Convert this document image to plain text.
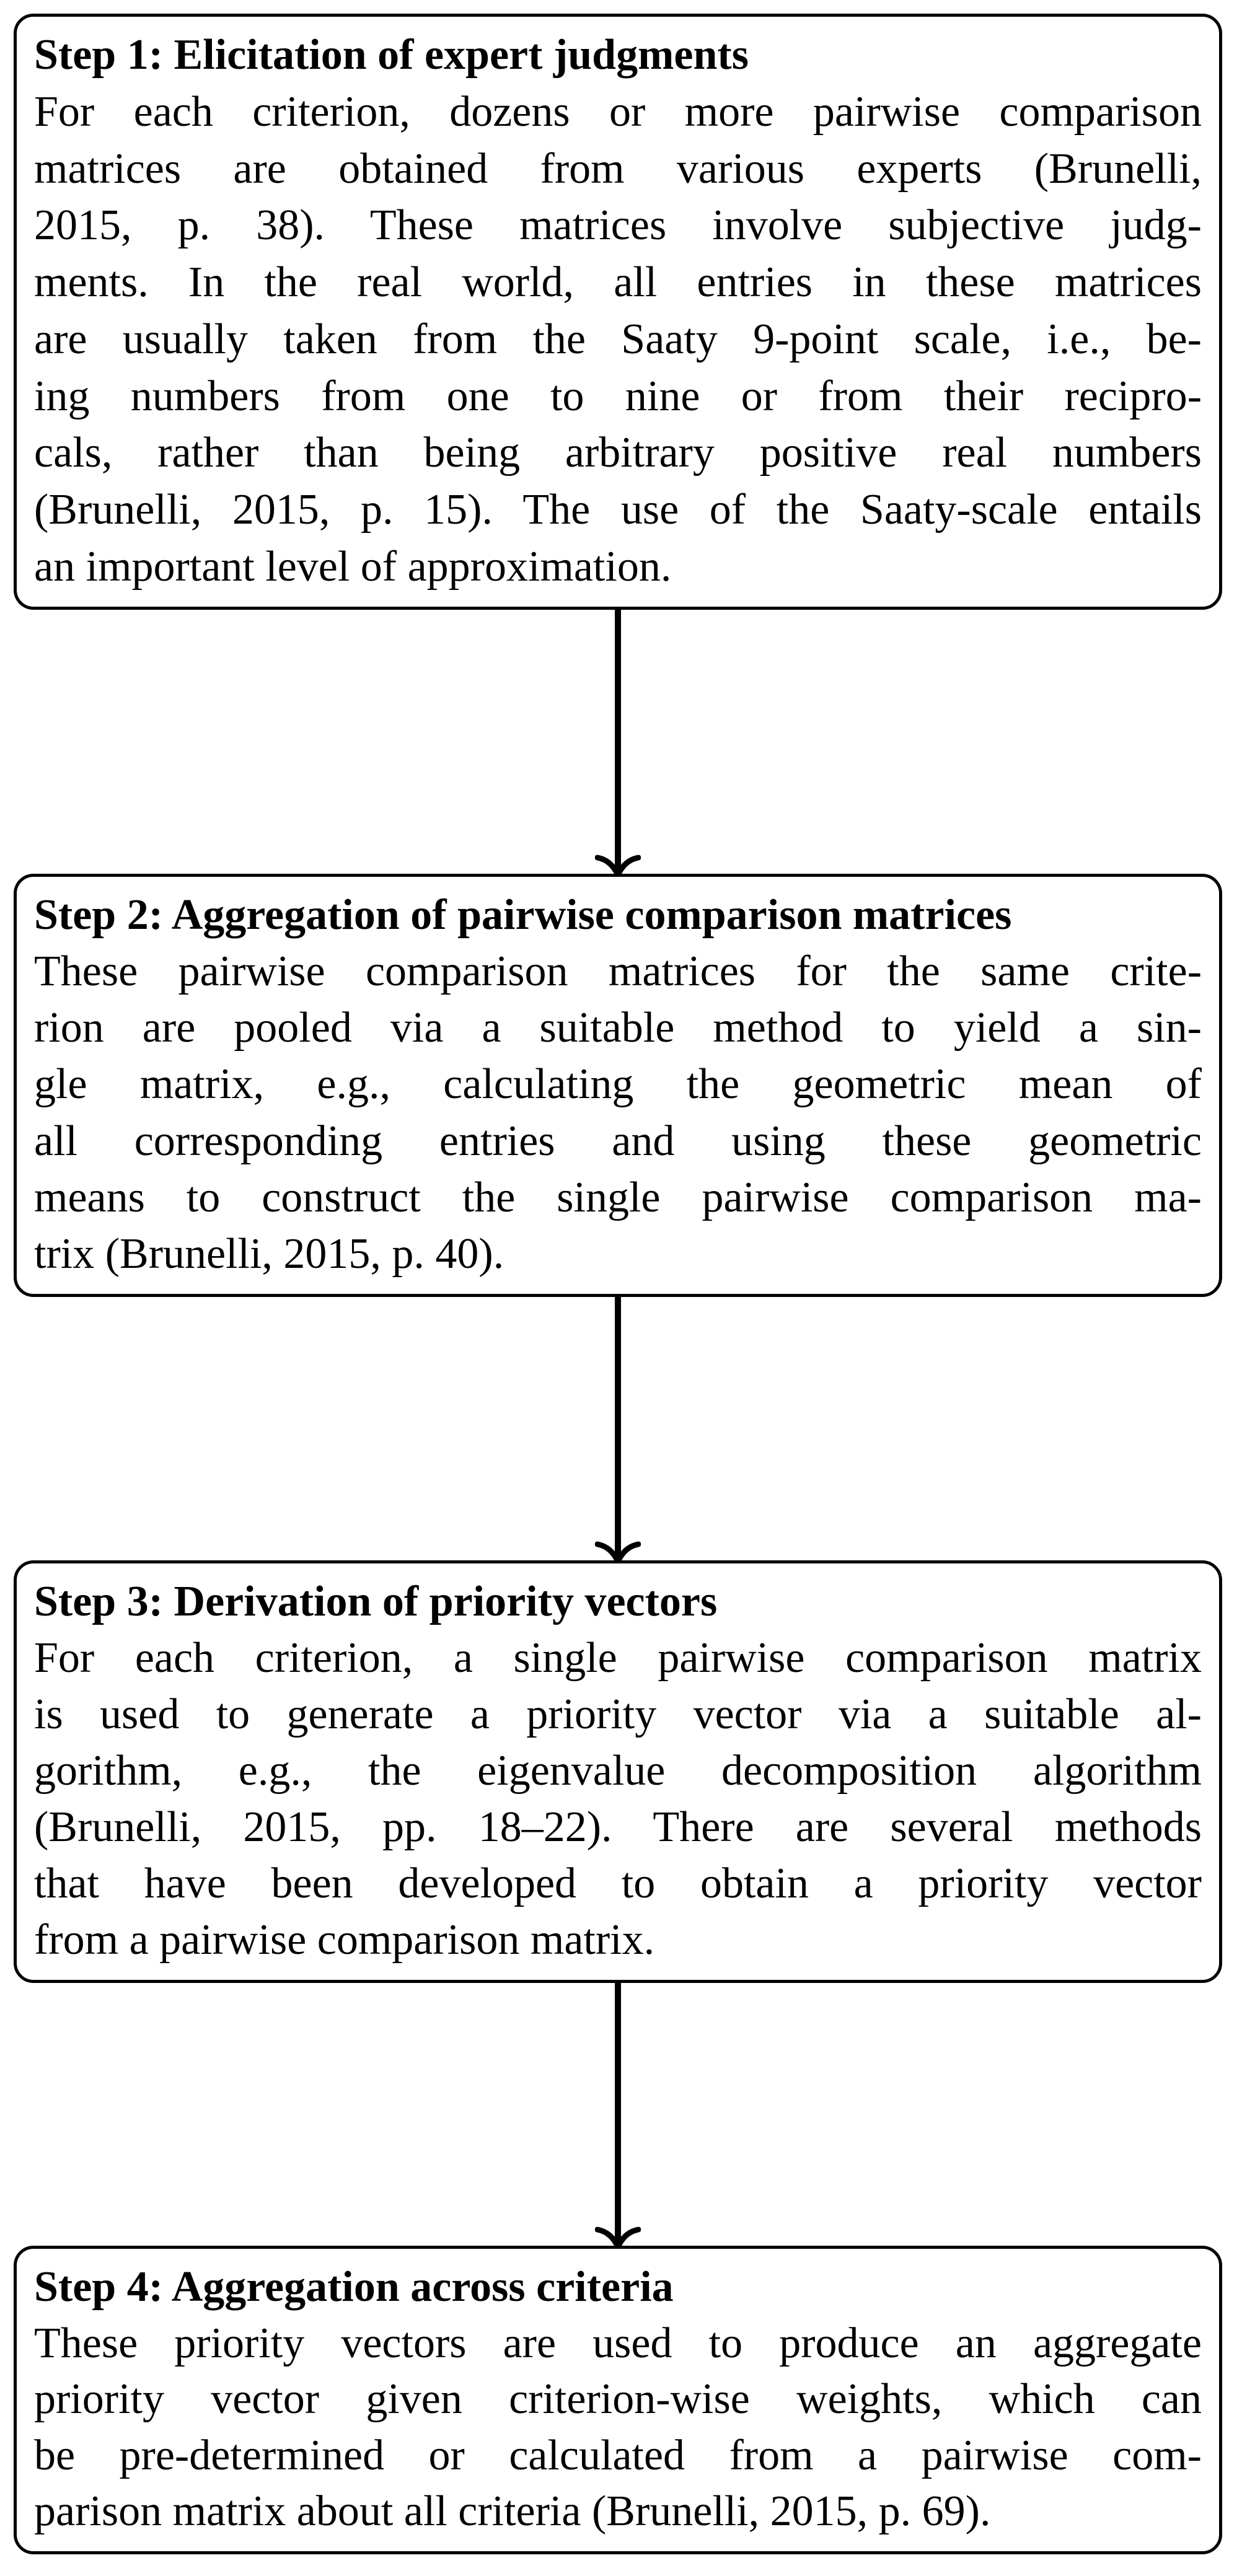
Step 1: Elicitation of expert judgments
For each criterion, dozens or more pairwise comparison
matrices are obtained from various experts (Brunelli,
2015, p. 38). These matrices involve subjective judg-
ments. In the real world, all entries in these matrices
are usually taken from the Saaty 9-point scale, i.e., be-
ing numbers from one to nine or from their recipro-
cals, rather than being arbitrary positive real numbers
(Brunelli, 2015, p. 15). The use of the Saaty-scale entails
an important level of approximation.
Step 2: Aggregation of pairwise comparison matrices
These pairwise comparison matrices for the same crite-
rion are pooled via a suitable method to yield a sin-
gle matrix, e.g., calculating the geometric mean of
all corresponding entries and using these geometric
means to construct the single pairwise comparison ma-
trix (Brunelli, 2015, p. 40).
Step 3: Derivation of priority vectors
For each criterion, a single pairwise comparison matrix
is used to generate a priority vector via a suitable al-
gorithm, e.g., the eigenvalue decomposition algorithm
(Brunelli, 2015, pp. 18–22). There are several methods
that have been developed to obtain a priority vector
from a pairwise comparison matrix.
Step 4: Aggregation across criteria
These priority vectors are used to produce an aggregate
priority vector given criterion-wise weights, which can
be pre-determined or calculated from a pairwise com-
parison matrix about all criteria (Brunelli, 2015, p. 69).
